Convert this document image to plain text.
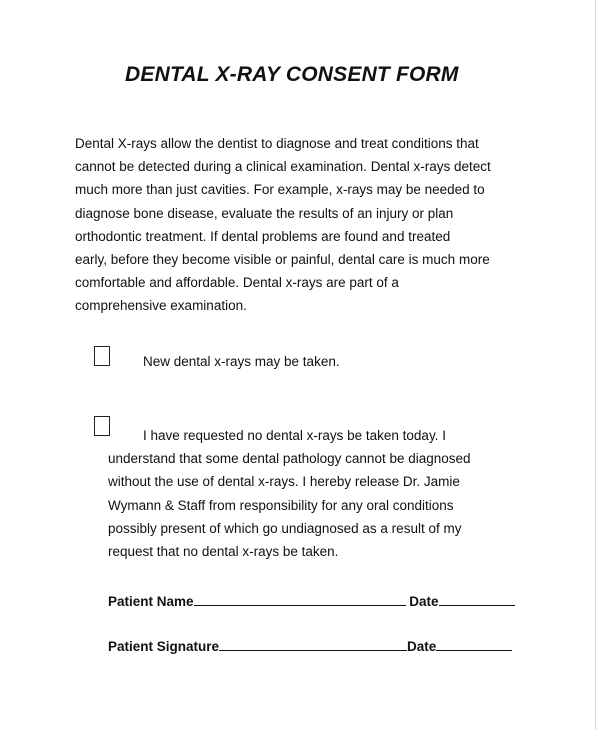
DENTAL X-RAY CONSENT FORM

Dental X-rays allow the dentist to diagnose and treat conditions that
cannot be detected during a clinical examination. Dental x-rays detect
much more than just cavities. For example, x-rays may be needed to
diagnose bone disease, evaluate the results of an injury or plan
orthodontic treatment. If dental problems are found and treated
early, before they become visible or painful, dental care is much more
comfortable and affordable. Dental x-rays are part of a
comprehensive examination.

New dental x-rays may be taken.

I have requested no dental x-rays be taken today. I
understand that some dental pathology cannot be diagnosed
without the use of dental x-rays. I hereby release Dr. Jamie
Wymann & Staff from responsibility for any oral conditions
possibly present of which go undiagnosed as a result of my
request that no dental x-rays be taken.

Patient Name	Date
Patient Signature	Date
